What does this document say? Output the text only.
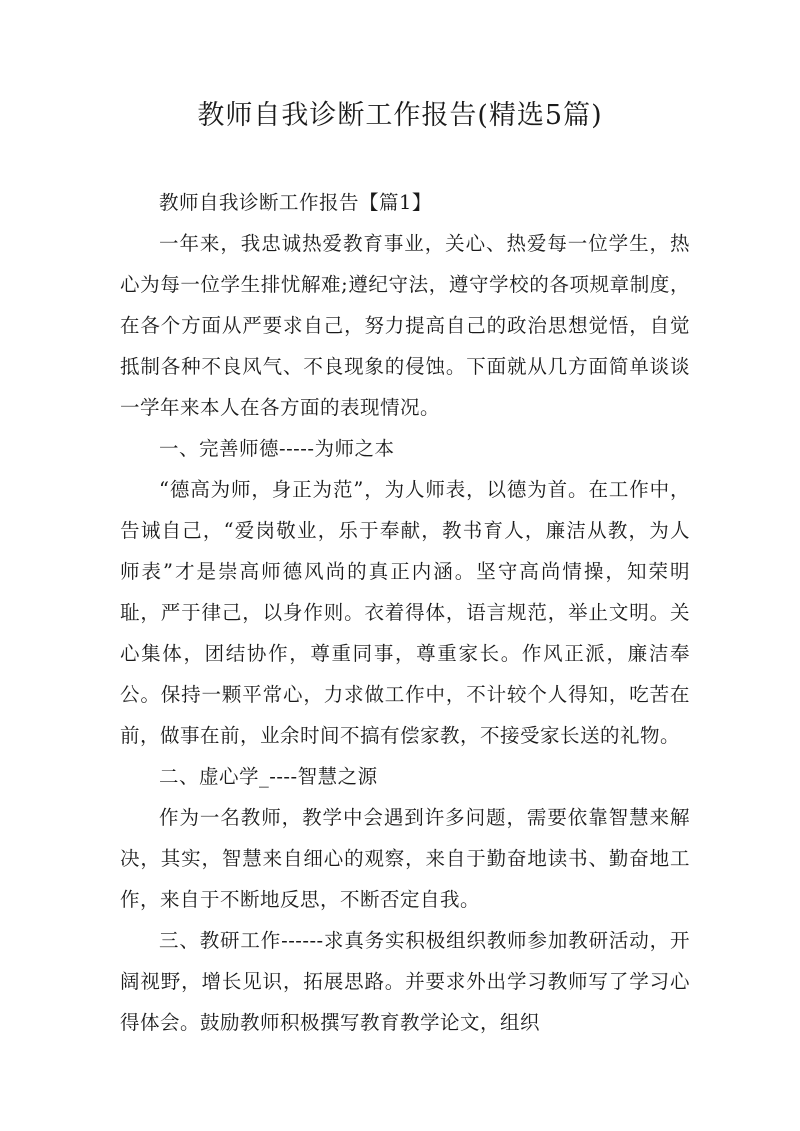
教师自我诊断工作报告(精选5篇)

教师自我诊断工作报告【篇1】

一年来，我忠诚热爱教育事业，关心、热爱每一位学生，热心为每一位学生排忧解难;遵纪守法，遵守学校的各项规章制度，在各个方面从严要求自己，努力提高自己的政治思想觉悟，自觉抵制各种不良风气、不良现象的侵蚀。下面就从几方面简单谈谈一学年来本人在各方面的表现情况。

一、完善师德-----为师之本

“德高为师，身正为范”，为人师表，以德为首。在工作中，告诫自己，“爱岗敬业，乐于奉献，教书育人，廉洁从教，为人师表”才是崇高师德风尚的真正内涵。坚守高尚情操，知荣明耻，严于律己，以身作则。衣着得体，语言规范，举止文明。关心集体，团结协作，尊重同事，尊重家长。作风正派，廉洁奉公。保持一颗平常心，力求做工作中，不计较个人得知，吃苦在前，做事在前，业余时间不搞有偿家教，不接受家长送的礼物。

二、虚心学_----智慧之源

作为一名教师，教学中会遇到许多问题，需要依靠智慧来解决，其实，智慧来自细心的观察，来自于勤奋地读书、勤奋地工作，来自于不断地反思，不断否定自我。

三、教研工作------求真务实积极组织教师参加教研活动，开阔视野，增长见识，拓展思路。并要求外出学习教师写了学习心得体会。鼓励教师积极撰写教育教学论文，组织
